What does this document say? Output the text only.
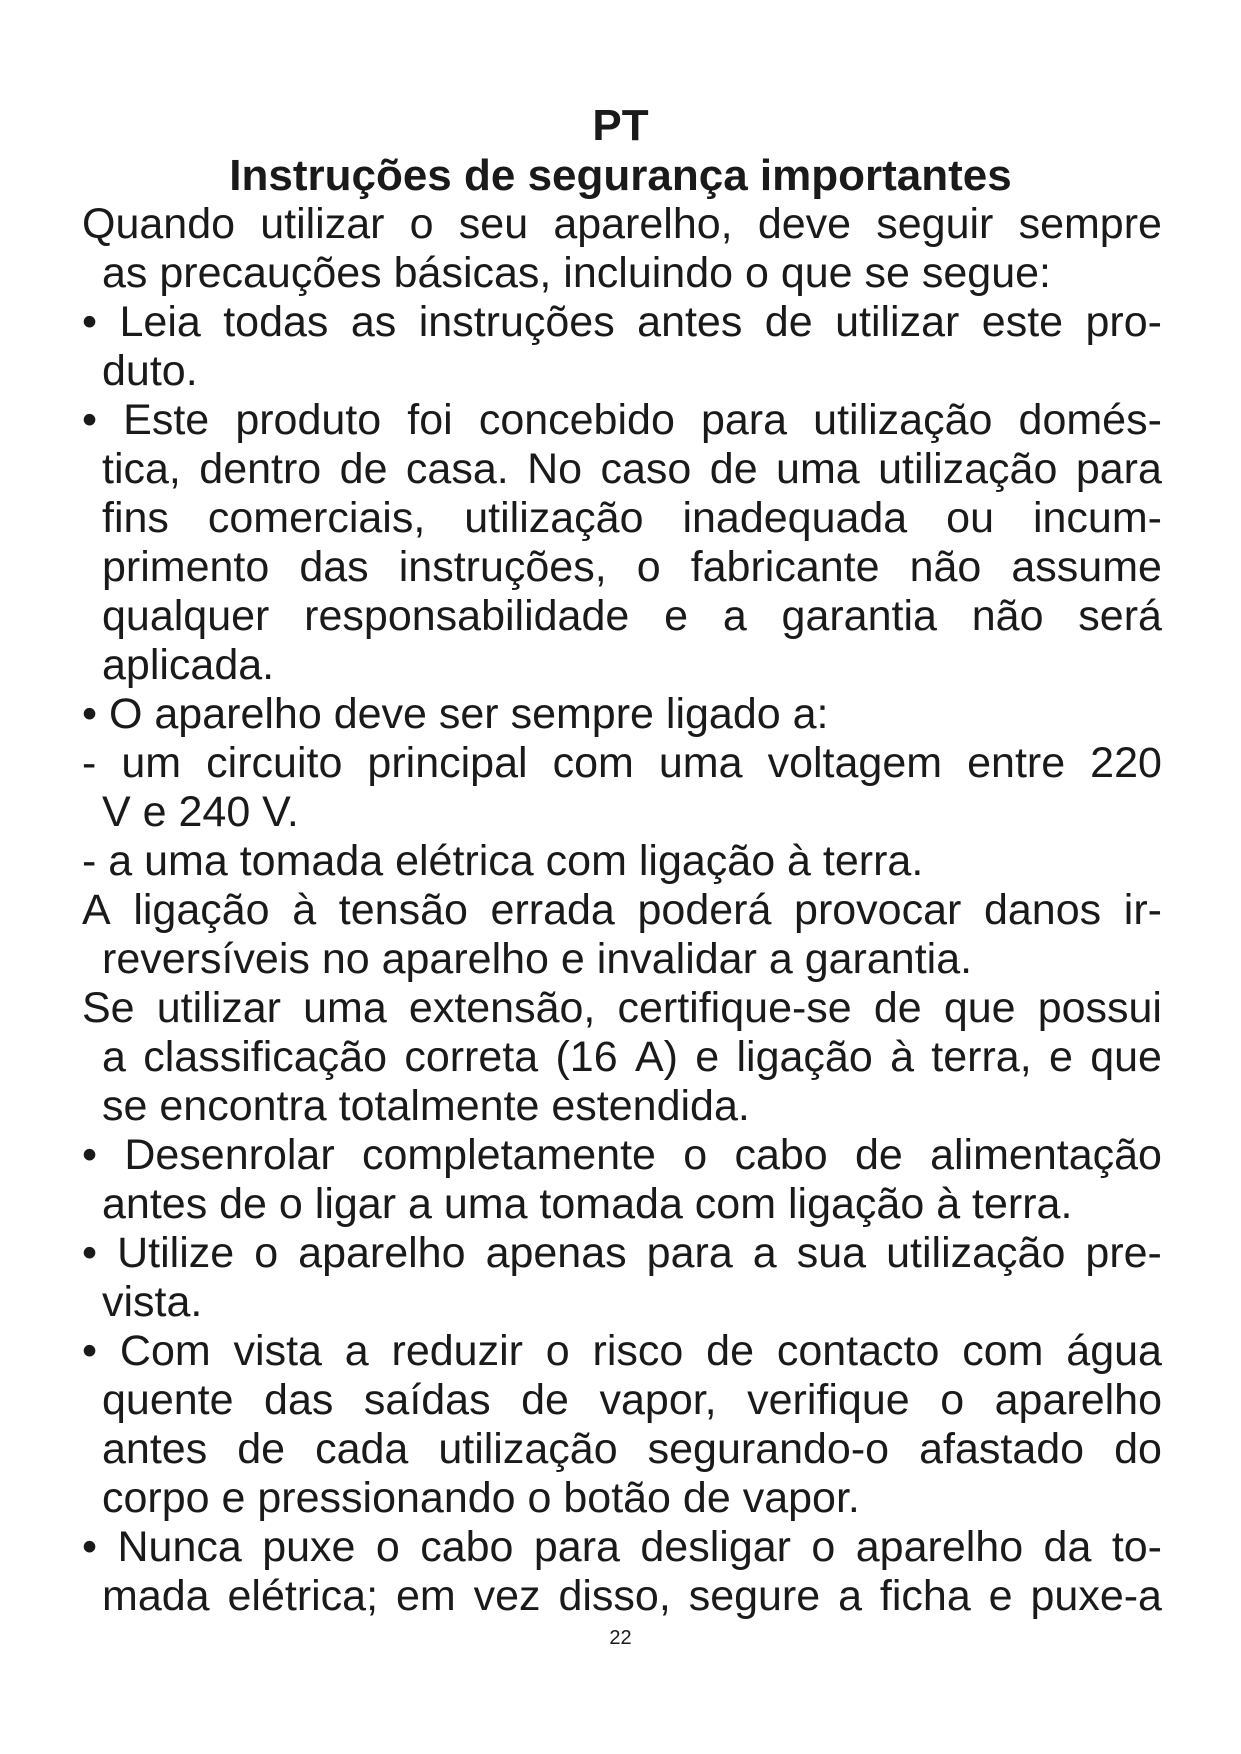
PT
Instruções de segurança importantes
Quando utilizar o seu aparelho, deve seguir sempre
as precauções básicas, incluindo o que se segue:
• Leia todas as instruções antes de utilizar este pro-
duto.
• Este produto foi concebido para utilização domés-
tica, dentro de casa. No caso de uma utilização para
fins comerciais, utilização inadequada ou incum-
primento das instruções, o fabricante não assume
qualquer responsabilidade e a garantia não será
aplicada.
• O aparelho deve ser sempre ligado a:
- um circuito principal com uma voltagem entre 220
V e 240 V.
- a uma tomada elétrica com ligação à terra.
A ligação à tensão errada poderá provocar danos ir-
reversíveis no aparelho e invalidar a garantia.
Se utilizar uma extensão, certifique-se de que possui
a classificação correta (16 A) e ligação à terra, e que
se encontra totalmente estendida.
• Desenrolar completamente o cabo de alimentação
antes de o ligar a uma tomada com ligação à terra.
• Utilize o aparelho apenas para a sua utilização pre-
vista.
• Com vista a reduzir o risco de contacto com água
quente das saídas de vapor, verifique o aparelho
antes de cada utilização segurando-o afastado do
corpo e pressionando o botão de vapor.
• Nunca puxe o cabo para desligar o aparelho da to-
mada elétrica; em vez disso, segure a ficha e puxe-a
22
